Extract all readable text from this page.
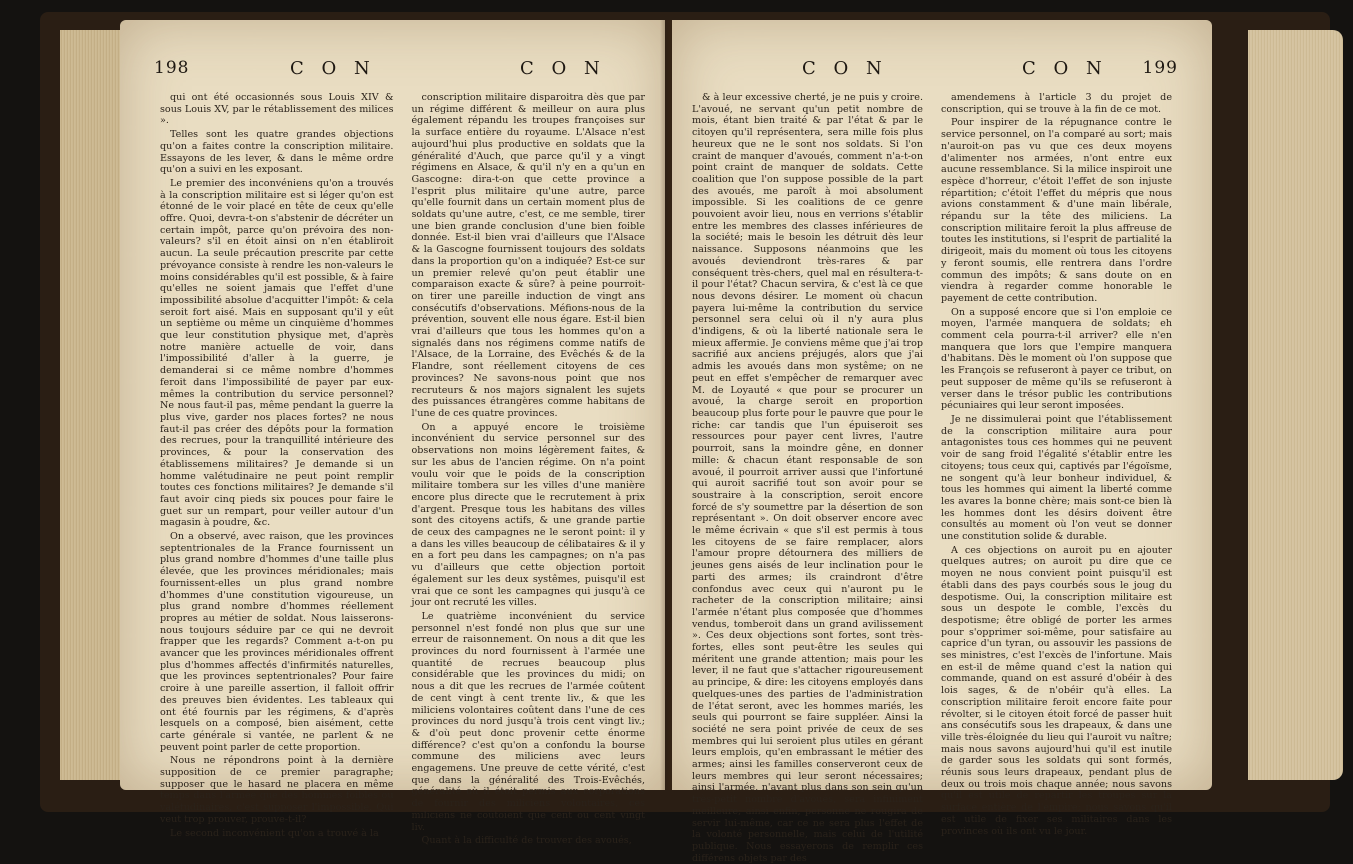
198	C O N	C O N

qui ont été occasionnés sous Louis XIV & sous Louis XV, par le rétablissement des milices ».

Telles sont les quatre grandes objections qu'on a faites contre la conscription militaire. Essayons de les lever, & dans le même ordre qu'on a suivi en les exposant.

Le premier des inconvéniens qu'on a trouvés à la conscription militaire est si léger qu'on est étonné de le voir placé en tête de ceux qu'elle offre. Quoi, devra-t-on s'abstenir de décréter un certain impôt, parce qu'on prévoira des non-valeurs? s'il en étoit ainsi on n'en établiroit aucun. La seule précaution prescrite par cette prévoyance consiste à rendre les non-valeurs le moins considérables qu'il est possible, & à faire qu'elles ne soient jamais que l'effet d'une impossibilité absolue d'acquitter l'impôt: & cela seroit fort aisé. Mais en supposant qu'il y eût un septième ou même un cinquième d'hommes que leur constitution physique met, d'après notre manière actuelle de voir, dans l'impossibilité d'aller à la guerre, je demanderai si ce même nombre d'hommes feroit dans l'impossibilité de payer par eux-mêmes la contribution du service personnel? Ne nous faut-il pas, même pendant la guerre la plus vive, garder nos places fortes? ne nous faut-il pas créer des dépôts pour la formation des recrues, pour la tranquillité intérieure des provinces, & pour la conservation des établissemens militaires? Je demande si un homme valétudinaire ne peut point remplir toutes ces fonctions militaires? Je demande s'il faut avoir cinq pieds six pouces pour faire le guet sur un rempart, pour veiller autour d'un magasin à poudre, &c.

On a observé, avec raison, que les provinces septentrionales de la France fournissent un plus grand nombre d'hommes d'une taille plus élevée, que les provinces méridionales; mais fournissent-elles un plus grand nombre d'hommes d'une constitution vigoureuse, un plus grand nombre d'hommes réellement propres au métier de soldat. Nous laisserons-nous toujours séduire par ce qui ne devroit frapper que les regards? Comment a-t-on pu avancer que les provinces méridionales offrent plus d'hommes affectés d'infirmités naturelles, que les provinces septentrionales? Pour faire croire à une pareille assertion, il falloit offrir des preuves bien évidentes. Les tableaux qui ont été fournis par les régimens, & d'après lesquels on a composé, bien aisément, cette carte générale si vantée, ne parlent & ne peuvent point parler de cette proportion.

Nous ne répondrons point à la dernière supposition de ce premier paragraphe; supposer que le hasard ne placera en même temps dans l'armée que des hommes foibles ou valétudinaires, c'est supposer l'impossible. Qui veut trop prouver, prouve-t-il?

Le second inconvénient qu'on a trouvé à la

conscription militaire disparoitra dès que par un régime différent & meilleur on aura plus également répandu les troupes françoises sur la surface entière du royaume. L'Alsace n'est aujourd'hui plus productive en soldats que la généralité d'Auch, que parce qu'il y a vingt régimens en Alsace, & qu'il n'y en a qu'un en Gascogne: dira-t-on que cette province a l'esprit plus militaire qu'une autre, parce qu'elle fournit dans un certain moment plus de soldats qu'une autre, c'est, ce me semble, tirer une bien grande conclusion d'une bien foible donnée. Est-il bien vrai d'ailleurs que l'Alsace & la Gascogne fournissent toujours des soldats dans la proportion qu'on a indiquée? Est-ce sur un premier relevé qu'on peut établir une comparaison exacte & sûre? à peine pourroit-on tirer une pareille induction de vingt ans consécutifs d'observations. Méfions-nous de la prévention, souvent elle nous égare. Est-il bien vrai d'ailleurs que tous les hommes qu'on a signalés dans nos régimens comme natifs de l'Alsace, de la Lorraine, des Evêchés & de la Flandre, sont réellement citoyens de ces provinces? Ne savons-nous point que nos recruteurs & nos majors signalent les sujets des puissances étrangères comme habitans de l'une de ces quatre provinces.

On a appuyé encore le troisième inconvénient du service personnel sur des observations non moins légèrement faites, & sur les abus de l'ancien régime. On n'a point voulu voir que le poids de la conscription militaire tombera sur les villes d'une manière encore plus directe que le recrutement à prix d'argent. Presque tous les habitans des villes sont des citoyens actifs, & une grande partie de ceux des campagnes ne le seront point: il y a dans les villes beaucoup de célibataires & il y en a fort peu dans les campagnes; on n'a pas vu d'ailleurs que cette objection portoit également sur les deux systêmes, puisqu'il est vrai que ce sont les campagnes qui jusqu'à ce jour ont recruté les villes.

Le quatrième inconvénient du service personnel n'est fondé non plus que sur une erreur de raisonnement. On nous a dit que les provinces du nord fournissent à l'armée une quantité de recrues beaucoup plus considérable que les provinces du midi; on nous a dit que les recrues de l'armée coûtent de cent vingt à cent trente liv., & que les miliciens volontaires coûtent dans l'une de ces provinces du nord jusqu'à trois cent vingt liv.; & d'où peut donc provenir cette énorme différence? c'est qu'on a confondu la bourse commune des miliciens avec leurs engagemens. Une preuve de cette vérité, c'est que dans la généralité des Trois-Evêchés, généralité où il étoit permis aux corporations de fournir des miliciens volontaires, ces miliciens ne coûtoient que cent ou cent vingt liv.

Quant à la difficulté de trouver des avoués,

C O N	C O N 199

& à leur excessive cherté, je ne puis y croire. L'avoué, ne servant qu'un petit nombre de mois, étant bien traité & par l'état & par le citoyen qu'il représentera, sera mille fois plus heureux que ne le sont nos soldats. Si l'on craint de manquer d'avoués, comment n'a-t-on point craint de manquer de soldats. Cette coalition que l'on suppose possible de la part des avoués, me paroît à moi absolument impossible. Si les coalitions de ce genre pouvoient avoir lieu, nous en verrions s'établir entre les membres des classes inférieures de la société; mais le besoin les détruit dès leur naissance. Supposons néanmoins que les avoués deviendront très-rares & par conséquent très-chers, quel mal en résultera-t-il pour l'état? Chacun servira, & c'est là ce que nous devons désirer. Le moment où chacun payera lui-même la contribution du service personnel sera celui où il n'y aura plus d'indigens, & où la liberté nationale sera le mieux affermie. Je conviens même que j'ai trop sacrifié aux anciens préjugés, alors que j'ai admis les avoués dans mon systême; on ne peut en effet s'empêcher de remarquer avec M. de Loyauté « que pour se procurer un avoué, la charge seroit en proportion beaucoup plus forte pour le pauvre que pour le riche: car tandis que l'un épuiseroit ses ressources pour payer cent livres, l'autre pourroit, sans la moindre gêne, en donner mille: & chacun étant responsable de son avoué, il pourroit arriver aussi que l'infortuné qui auroit sacrifié tout son avoir pour se soustraire à la conscription, seroit encore forcé de s'y soumettre par la désertion de son représentant ». On doit observer encore avec le même écrivain « que s'il est permis à tous les citoyens de se faire remplacer, alors l'amour propre détournera des milliers de jeunes gens aisés de leur inclination pour le parti des armes; ils craindront d'être confondus avec ceux qui n'auront pu le racheter de la conscription militaire; ainsi l'armée n'étant plus composée que d'hommes vendus, tomberoit dans un grand avilissement ». Ces deux objections sont fortes, sont très-fortes, elles sont peut-être les seules qui méritent une grande attention; mais pour les lever, il ne faut que s'attacher rigoureusement au principe, & dire: les citoyens employés dans quelques-unes des parties de l'administration de l'état seront, avec les hommes mariés, les seuls qui pourront se faire suppléer. Ainsi la société ne sera point privée de ceux de ses membres qui lui seroient plus utiles en gérant leurs emplois, qu'en embrassant le métier des armes; ainsi les familles conserveront ceux de leurs membres qui leur seront nécessaires; ainsi l'armée, n'ayant plus dans son sein qu'un très-petit nombre d'avoués, sera infiniment meilleure; ainsi enfin, personne ne rougira de servir lui-même, car ce ne sera plus l'effet de la volonté personnelle, mais celui de l'utilité publique. Nous essayerons de remplir ces différens objets par des

amendemens à l'article 3 du projet de conscription, qui se trouve à la fin de ce mot.

Pour inspirer de la répugnance contre le service personnel, on l'a comparé au sort; mais n'auroit-on pas vu que ces deux moyens d'alimenter nos armées, n'ont entre eux aucune ressemblance. Si la milice inspiroit une espèce d'horreur, c'étoit l'effet de son injuste répartition; c'étoit l'effet du mépris que nous avions constamment & d'une main libérale, répandu sur la tête des miliciens. La conscription militaire feroit la plus affreuse de toutes les institutions, si l'esprit de partialité la dirigeoit, mais du moment où tous les citoyens y feront soumis, elle rentrera dans l'ordre commun des impôts; & sans doute on en viendra à regarder comme honorable le payement de cette contribution.

On a supposé encore que si l'on emploie ce moyen, l'armée manquera de soldats; eh comment cela pourra-t-il arriver? elle n'en manquera que lors que l'empire manquera d'habitans. Dès le moment où l'on suppose que les François se refuseront à payer ce tribut, on peut supposer de même qu'ils se refuseront à verser dans le trésor public les contributions pécuniaires qui leur seront imposées.

Je ne dissimulerai point que l'établissement de la conscription militaire aura pour antagonistes tous ces hommes qui ne peuvent voir de sang froid l'égalité s'établir entre les citoyens; tous ceux qui, captivés par l'égoïsme, ne songent qu'à leur bonheur individuel, & tous les hommes qui aiment la liberté comme les avares la bonne chère; mais sont-ce bien là les hommes dont les désirs doivent être consultés au moment où l'on veut se donner une constitution solide & durable.

A ces objections on auroit pu en ajouter quelques autres; on auroit pu dire que ce moyen ne nous convient point puisqu'il est établi dans des pays courbés sous le joug du despotisme. Oui, la conscription militaire est sous un despote le comble, l'excès du despotisme; être obligé de porter les armes pour s'opprimer soi-même, pour satisfaire au caprice d'un tyran, ou assouvir les passions de ses ministres, c'est l'excès de l'infortune. Mais en est-il de même quand c'est la nation qui commande, quand on est assuré d'obéir à des lois sages, & de n'obéir qu'à elles. La conscription militaire feroit encore faite pour révolter, si le citoyen étoit forcé de passer huit ans consécutifs sous les drapeaux, & dans une ville très-éloignée du lieu qui l'auroit vu naître; mais nous savons aujourd'hui qu'il est inutile de garder sous les soldats qui sont formés, réunis sous leurs drapeaux, pendant plus de deux ou trois mois chaque année; nous savons qu'il est utile de répartir les troupes sur la surface entière de l'empire; nous savons qu'il est utile de fixer ses militaires dans les provinces où ils ont vu le jour.
